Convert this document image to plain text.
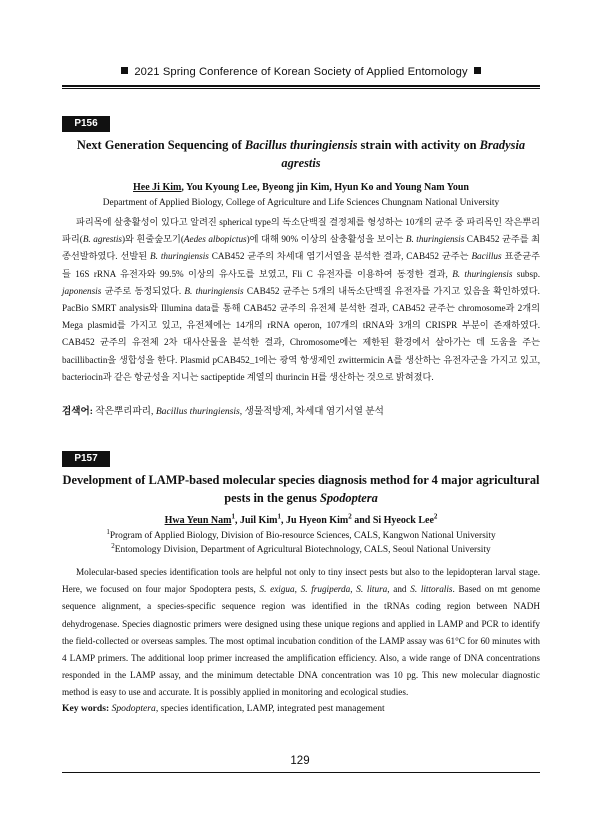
2021 Spring Conference of Korean Society of Applied Entomology
P156
Next Generation Sequencing of Bacillus thuringiensis strain with activity on Bradysia agrestis
Hee Ji Kim, You Kyoung Lee, Byeong jin Kim, Hyun Ko and Young Nam Youn
Department of Applied Biology, College of Agriculture and Life Sciences Chungnam National University

파리목에 살충활성이 있다고 알려진 spherical type의 독소단백질 결정체를 형성하는 10개의 균주 중 파리목인 작은뿌리파리(B. agrestis)와 흰줄숲모기(Aedes albopictus)에 대해 90% 이상의 살충활성을 보이는 B. thuringiensis CAB452 균주를 최종선발하였다. 선발된 B. thuringiensis CAB452 균주의 차세대 염기서열을 분석한 결과, CAB452 균주는 Bacillus 표준균주들 16S rRNA 유전자와 99.5% 이상의 유사도를 보였고, Fli C 유전자를 이용하여 동정한 결과, B. thuringiensis subsp. japonensis 균주로 동정되었다. B. thuringiensis CAB452 균주는 5개의 내독소단백질 유전자를 가지고 있음을 확인하였다. PacBio SMRT analysis와 Illumina data를 통해 CAB452 균주의 유전체 분석한 결과, CAB452 균주는 chromosome과 2개의 Mega plasmid를 가지고 있고, 유전체에는 14개의 rRNA operon, 107개의 tRNA와 3개의 CRISPR 부분이 존재하였다. CAB452 균주의 유전체 2차 대사산물을 분석한 결과, Chromosome에는 제한된 환경에서 살아가는 데 도움을 주는 bacillibactin을 생합성을 한다. Plasmid pCAB452_1에는 광역 항생제인 zwittermicin A를 생산하는 유전자군을 가지고 있고, bacteriocin과 같은 항균성을 지니는 sactipeptide 계열의 thurincin H를 생산하는 것으로 밝혀졌다.

검색어: 작은뿌리파리, Bacillus thuringiensis, 생물적방제, 차세대 염기서열 분석
P157
Development of LAMP-based molecular species diagnosis method for 4 major agricultural pests in the genus Spodoptera
Hwa Yeun Nam$^1$, Juil Kim$^1$, Ju Hyeon Kim$^2$ and Si Hyeock Lee$^2$
$^1$Program of Applied Biology, Division of Bio-resource Sciences, CALS, Kangwon National University
$^2$Entomology Division, Department of Agricultural Biotechnology, CALS, Seoul National University

Molecular-based species identification tools are helpful not only to tiny insect pests but also to the lepidopteran larval stage. Here, we focused on four major Spodoptera pests, S. exigua, S. frugiperda, S. litura, and S. littoralis. Based on mt genome sequence alignment, a species-specific sequence region was identified in the tRNAs coding region between NADH dehydrogenase. Species diagnostic primers were designed using these unique regions and applied in LAMP and PCR to identify the field-collected or overseas samples. The most optimal incubation condition of the LAMP assay was 61°C for 60 minutes with 4 LAMP primers. The additional loop primer increased the amplification efficiency. Also, a wide range of DNA concentrations responded in the LAMP assay, and the minimum detectable DNA concentration was 10 pg. This new molecular diagnostic method is easy to use and accurate. It is possibly applied in monitoring and ecological studies.

Key words: Spodoptera, species identification, LAMP, integrated pest management
129
